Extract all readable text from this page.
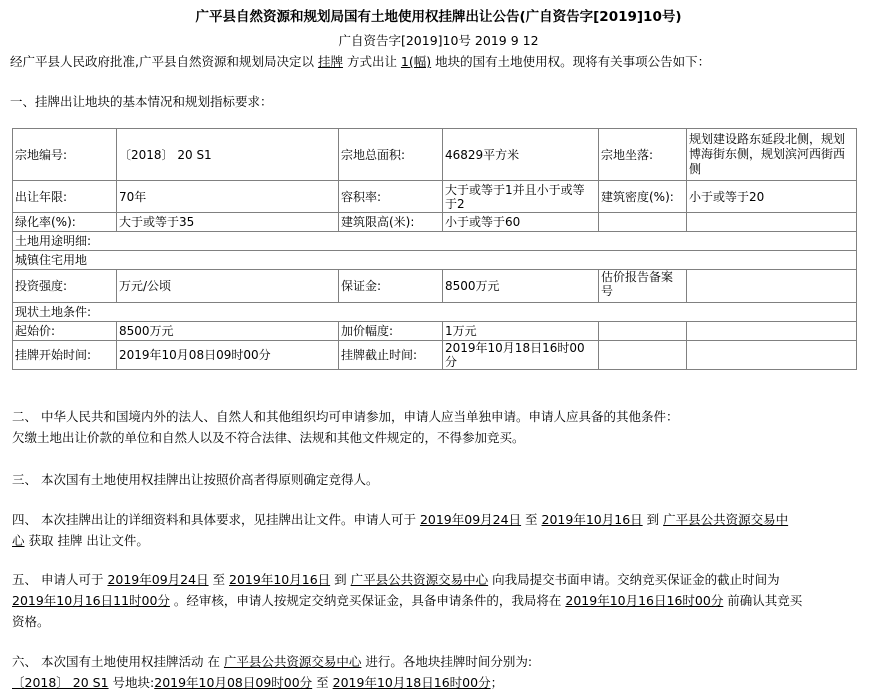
广平县自然资源和规划局国有土地使用权挂牌出让公告(广自资告字[2019]10号)
广自资告字[2019]10号 2019 9 12
经广平县人民政府批准,广平县自然资源和规划局决定以 挂牌 方式出让 1(幅) 地块的国有土地使用权。现将有关事项公告如下：
一、挂牌出让地块的基本情况和规划指标要求：
宗地编号:	〔2018〕 20 S1	宗地总面积:	46829平方米	宗地坐落:	规划建设路东延段北侧，规划博海街东侧，规划滨河西街西侧
出让年限:	70年	容积率:	大于或等于1并且小于或等于2	建筑密度(%):	小于或等于20
绿化率(%):	大于或等于35	建筑限高(米):	小于或等于60		
土地用途明细:					
城镇住宅用地					
投资强度:	万元/公顷	保证金:	8500万元	估价报告备案号	
现状土地条件:					
起始价:	8500万元	加价幅度:	1万元		
挂牌开始时间:	2019年10月08日09时00分	挂牌截止时间:	2019年10月18日16时00分		
二、 中华人民共和国境内外的法人、自然人和其他组织均可申请参加，申请人应当单独申请。申请人应具备的其他条件：
欠缴土地出让价款的单位和自然人以及不符合法律、法规和其他文件规定的，不得参加竞买。
三、 本次国有土地使用权挂牌出让按照价高者得原则确定竞得人。
四、 本次挂牌出让的详细资料和具体要求，见挂牌出让文件。申请人可于 2019年09月24日 至 2019年10月16日 到 广平县公共资源交易中
心 获取 挂牌 出让文件。
五、 申请人可于 2019年09月24日 至 2019年10月16日 到 广平县公共资源交易中心 向我局提交书面申请。交纳竞买保证金的截止时间为
2019年10月16日11时00分 。经审核，申请人按规定交纳竞买保证金，具备申请条件的，我局将在 2019年10月16日16时00分 前确认其竞买
资格。
六、 本次国有土地使用权挂牌活动 在 广平县公共资源交易中心 进行。各地块挂牌时间分别为:
〔2018〕 20 S1 号地块:2019年10月08日09时00分 至 2019年10月18日16时00分；
